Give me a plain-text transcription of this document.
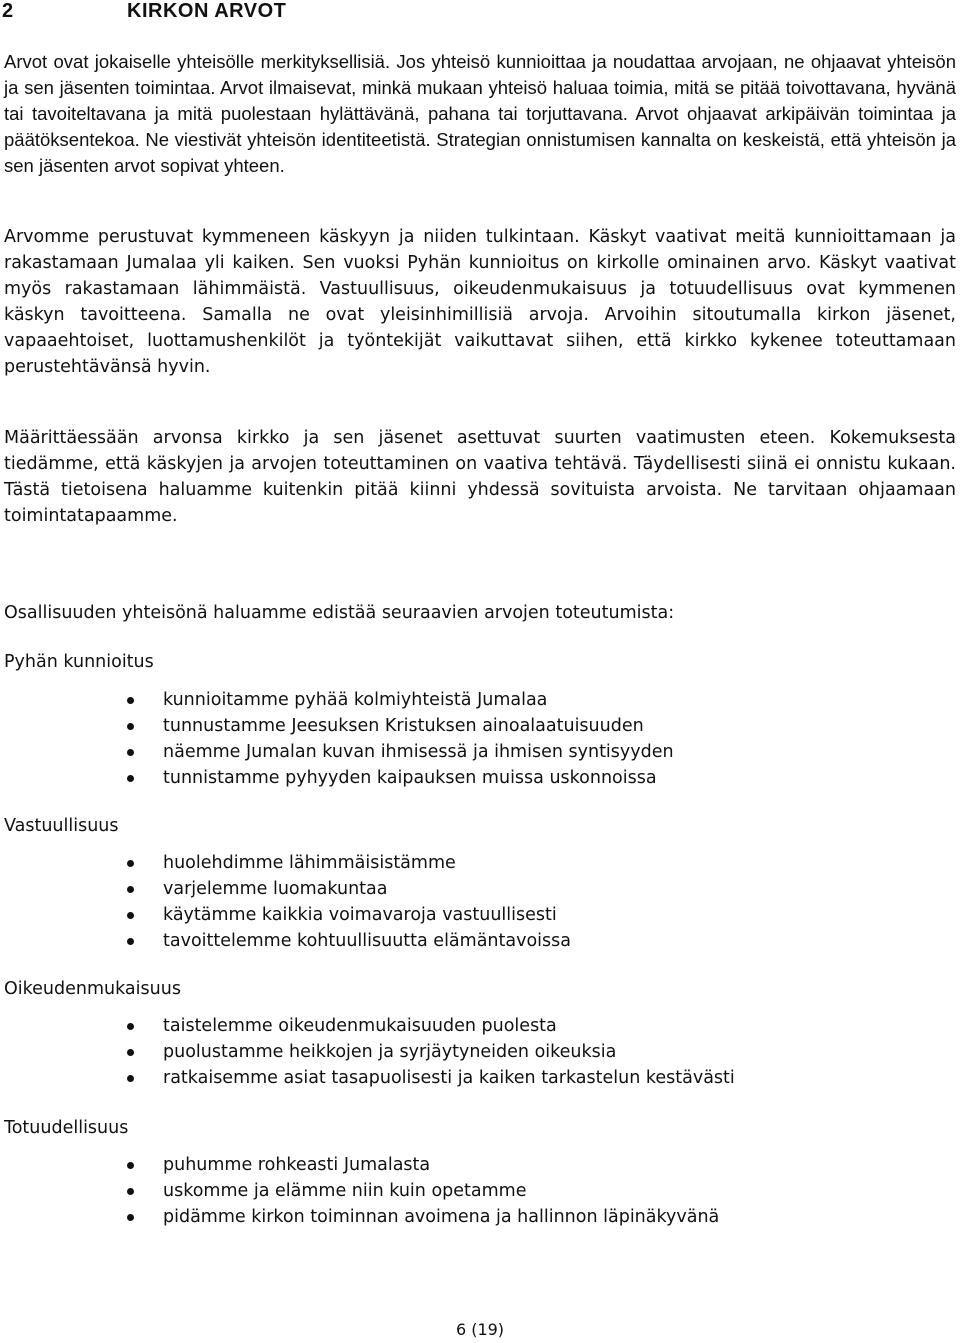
2	KIRKON ARVOT

Arvot ovat jokaiselle yhteisölle merkityksellisiä. Jos yhteisö kunnioittaa ja noudattaa arvojaan, ne ohjaavat yhteisön ja sen jäsenten toimintaa. Arvot ilmaisevat, minkä mukaan yhteisö haluaa toimia, mitä se pitää toivottavana, hyvänä tai tavoiteltavana ja mitä puolestaan hylättävänä, pahana tai torjuttavana. Arvot ohjaavat arkipäivän toimintaa ja päätöksentekoa. Ne viestivät yhteisön identiteetistä. Strategian onnistumisen kannalta on keskeistä, että yhteisön ja sen jäsenten arvot sopivat yhteen.

Arvomme perustuvat kymmeneen käskyyn ja niiden tulkintaan. Käskyt vaativat meitä kunnioittamaan ja rakastamaan Jumalaa yli kaiken. Sen vuoksi Pyhän kunnioitus on kirkolle ominainen arvo. Käskyt vaativat myös rakastamaan lähimmäistä. Vastuullisuus, oikeudenmukaisuus ja totuudellisuus ovat kymmenen käskyn tavoitteena. Samalla ne ovat yleisinhimillisiä arvoja. Arvoihin sitoutumalla kirkon jäsenet, vapaaehtoiset, luottamushenkilöt ja työntekijät vaikuttavat siihen, että kirkko kykenee toteuttamaan perustehtävänsä hyvin.

Määrittäessään arvonsa kirkko ja sen jäsenet asettuvat suurten vaatimusten eteen. Kokemuksesta tiedämme, että käskyjen ja arvojen toteuttaminen on vaativa tehtävä. Täydellisesti siinä ei onnistu kukaan. Tästä tietoisena haluamme kuitenkin pitää kiinni yhdessä sovituista arvoista. Ne tarvitaan ohjaamaan toimintatapaamme.

Osallisuuden yhteisönä haluamme edistää seuraavien arvojen toteutumista:
Pyhän kunnioitus
kunnioitamme pyhää kolmiyhteistä Jumalaa
tunnustamme Jeesuksen Kristuksen ainoalaatuisuuden
näemme Jumalan kuvan ihmisessä ja ihmisen syntisyyden
tunnistamme pyhyyden kaipauksen muissa uskonnoissa
Vastuullisuus
huolehdimme lähimmäisistämme
varjelemme luomakuntaa
käytämme kaikkia voimavaroja vastuullisesti
tavoittelemme kohtuullisuutta elämäntavoissa
Oikeudenmukaisuus
taistelemme oikeudenmukaisuuden puolesta
puolustamme heikkojen ja syrjäytyneiden oikeuksia
ratkaisemme asiat tasapuolisesti ja kaiken tarkastelun kestävästi
Totuudellisuus
puhumme rohkeasti Jumalasta
uskomme ja elämme niin kuin opetamme
pidämme kirkon toiminnan avoimena ja hallinnon läpinäkyvänä
6 (19)
